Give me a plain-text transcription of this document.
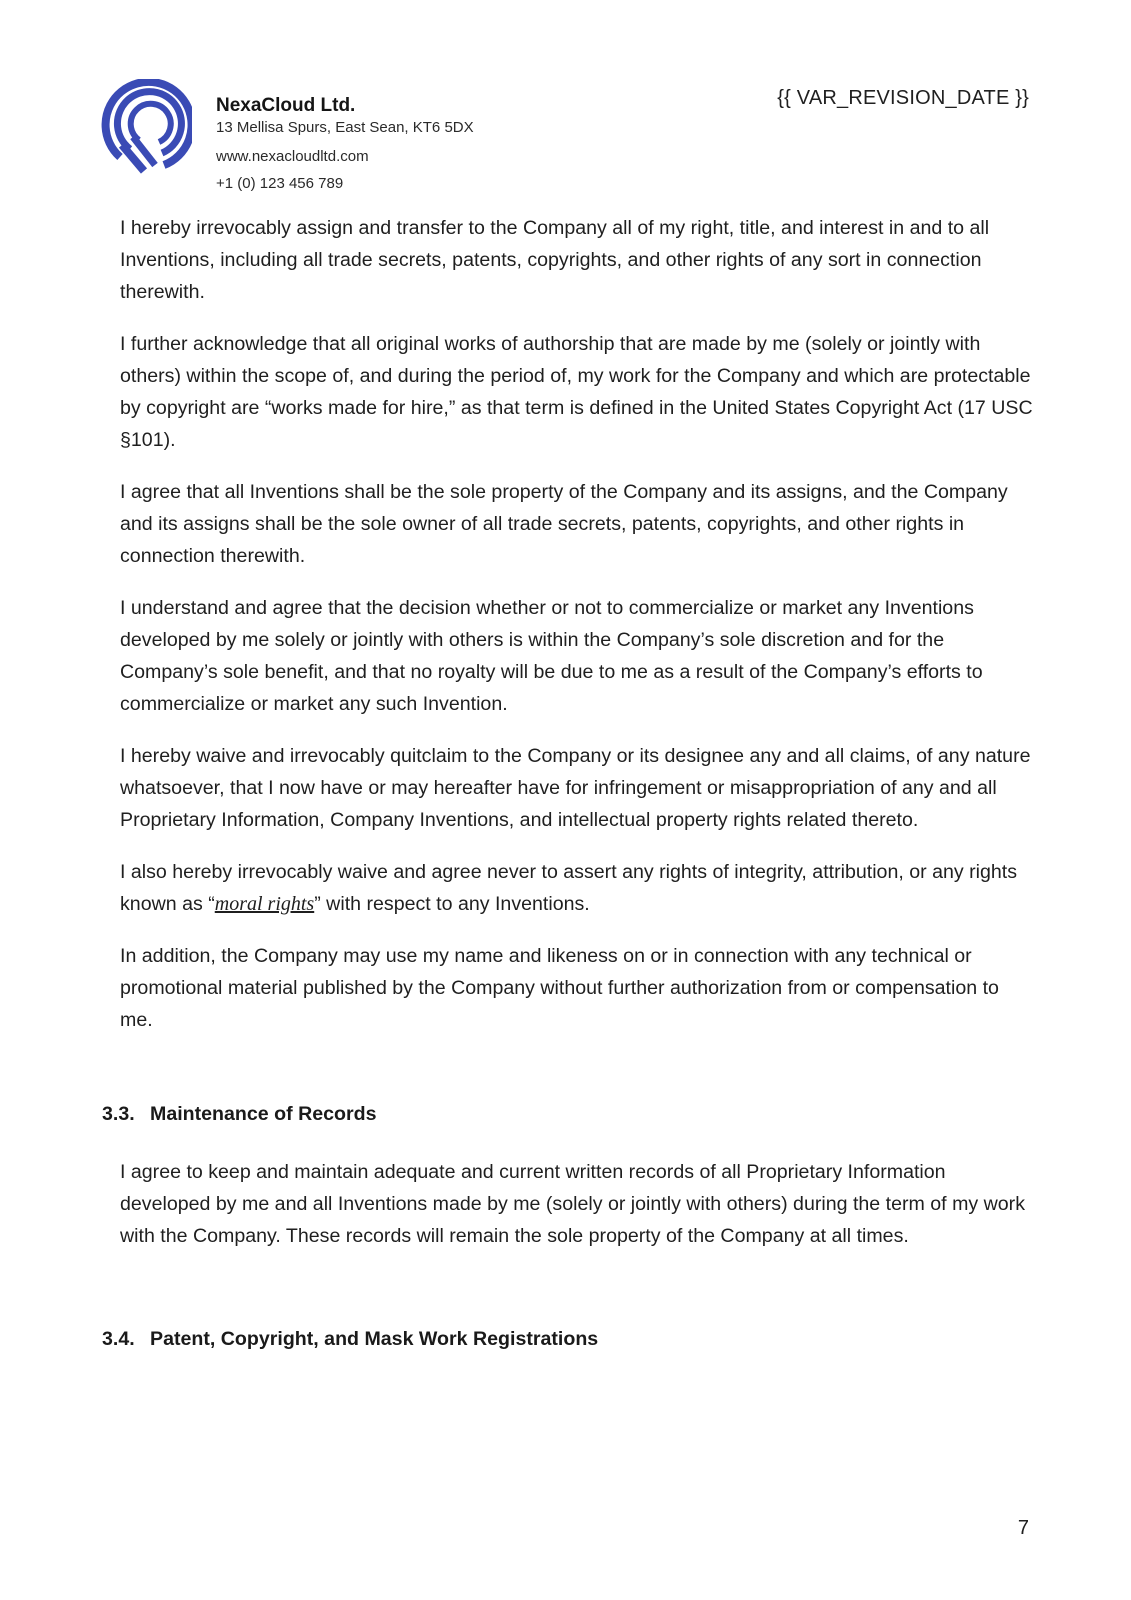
NexaCloud Ltd.
13 Mellisa Spurs, East Sean, KT6 5DX
www.nexacloudltd.com
+1 (0) 123 456 789
{{ VAR_REVISION_DATE }}

I hereby irrevocably assign and transfer to the Company all of my right, title, and interest in and to all Inventions, including all trade secrets, patents, copyrights, and other rights of any sort in connection therewith.

I further acknowledge that all original works of authorship that are made by me (solely or jointly with others) within the scope of, and during the period of, my work for the Company and which are protectable by copyright are “works made for hire,” as that term is defined in the United States Copyright Act (17 USC §101).

I agree that all Inventions shall be the sole property of the Company and its assigns, and the Company and its assigns shall be the sole owner of all trade secrets, patents, copyrights, and other rights in connection therewith.

I understand and agree that the decision whether or not to commercialize or market any Inventions developed by me solely or jointly with others is within the Company’s sole discretion and for the Company’s sole benefit, and that no royalty will be due to me as a result of the Company’s efforts to commercialize or market any such Invention.

I hereby waive and irrevocably quitclaim to the Company or its designee any and all claims, of any nature whatsoever, that I now have or may hereafter have for infringement or misappropriation of any and all Proprietary Information, Company Inventions, and intellectual property rights related thereto.

I also hereby irrevocably waive and agree never to assert any rights of integrity, attribution, or any rights known as “moral rights” with respect to any Inventions.

In addition, the Company may use my name and likeness on or in connection with any technical or promotional material published by the Company without further authorization from or compensation to me.

3.3. Maintenance of Records

I agree to keep and maintain adequate and current written records of all Proprietary Information developed by me and all Inventions made by me (solely or jointly with others) during the term of my work with the Company. These records will remain the sole property of the Company at all times.

3.4. Patent, Copyright, and Mask Work Registrations
7
